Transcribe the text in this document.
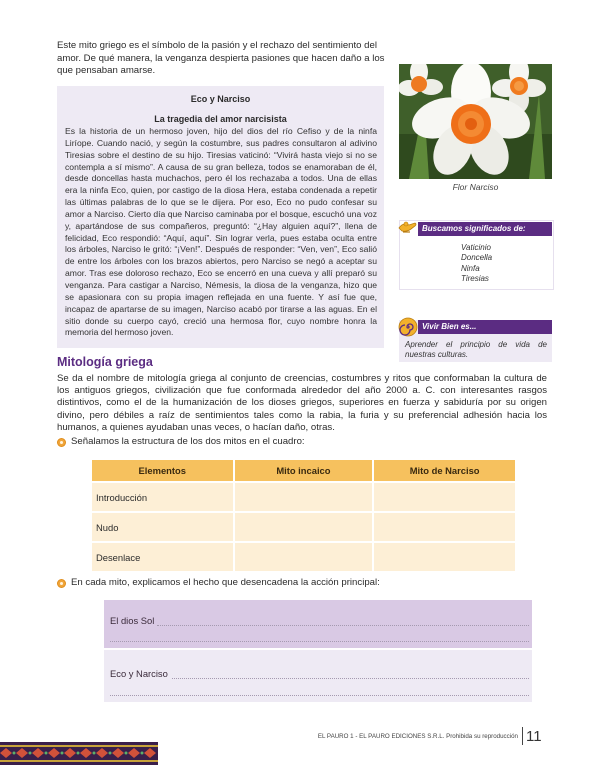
Este mito griego es el símbolo de la pasión y el rechazo del sentimiento del amor. De qué manera, la venganza despierta pasiones que hacen daño a los que pensaban amarse.
Eco y Narciso
La tragedia del amor narcisista
Es la historia de un hermoso joven, hijo del dios del río Cefiso y de la ninfa Liríope. Cuando nació, y según la costumbre, sus padres consultaron al adivino Tiresias sobre el destino de su hijo. Tiresias vaticinó: “Vivirá hasta viejo si no se contempla a sí mismo”. A causa de su gran belleza, todos se enamoraban de él, desde doncellas hasta muchachos, pero él los rechazaba a todos. Una de ellas era la ninfa Eco, quien, por castigo de la diosa Hera, estaba condenada a repetir las últimas palabras de lo que se le dijera. Por eso, Eco no pudo confesar su amor a Narciso. Cierto día que Narciso caminaba por el bosque, escuchó una voz y, apartándose de sus compañeros, preguntó: “¿Hay alguien aquí?”, llena de felicidad, Eco respondió: “Aquí, aquí”. Sin lograr verla, pues estaba oculta entre los árboles, Narciso le gritó: “¡Ven!”. Después de responder: “Ven, ven”, Eco salió de entre los árboles con los brazos abiertos, pero Narciso se negó a aceptar su amor. Tras ese doloroso rechazo, Eco se encerró en una cueva y allí preparó su venganza. Para castigar a Narciso, Némesis, la diosa de la venganza, hizo que se apasionara con su propia imagen reflejada en una fuente. Y así fue que, incapaz de apartarse de su imagen, Narciso acabó por tirarse a las aguas. En el sitio donde su cuerpo cayó, creció una hermosa flor, cuyo nombre honra la memoria del hermoso joven.
Flor Narciso
Buscamos significados de:
Vaticinio
Doncella
Ninfa
Tiresias
Vivir Bien es...
Aprender el principio de vida de nuestras culturas.
Mitología griega
Se da el nombre de mitología griega al conjunto de creencias, costumbres y ritos que conformaban la cultura de los antiguos griegos, civilización que fue conformada alrededor del año 2000 a. C. con interesantes rasgos distintivos, como el de la humanización de los dioses griegos, superiores en fuerza y sabiduría por su origen divino, pero débiles a raíz de sentimientos tales como la rabia, la furia y su preferencial adhesión hacia los humanos, a quienes ayudaban unas veces, o hacían daño, otras.
Señalamos la estructura de los dos mitos en el cuadro:
Elementos	Mito incaico	Mito de Narciso
Introducción		
Nudo		
Desenlace		
En cada mito, explicamos el hecho que desencadena la acción principal:
El dios Sol
Eco y Narciso
EL PAURO 1 - EL PAURO EDICIONES S.R.L. Prohibida su reproducción 11
